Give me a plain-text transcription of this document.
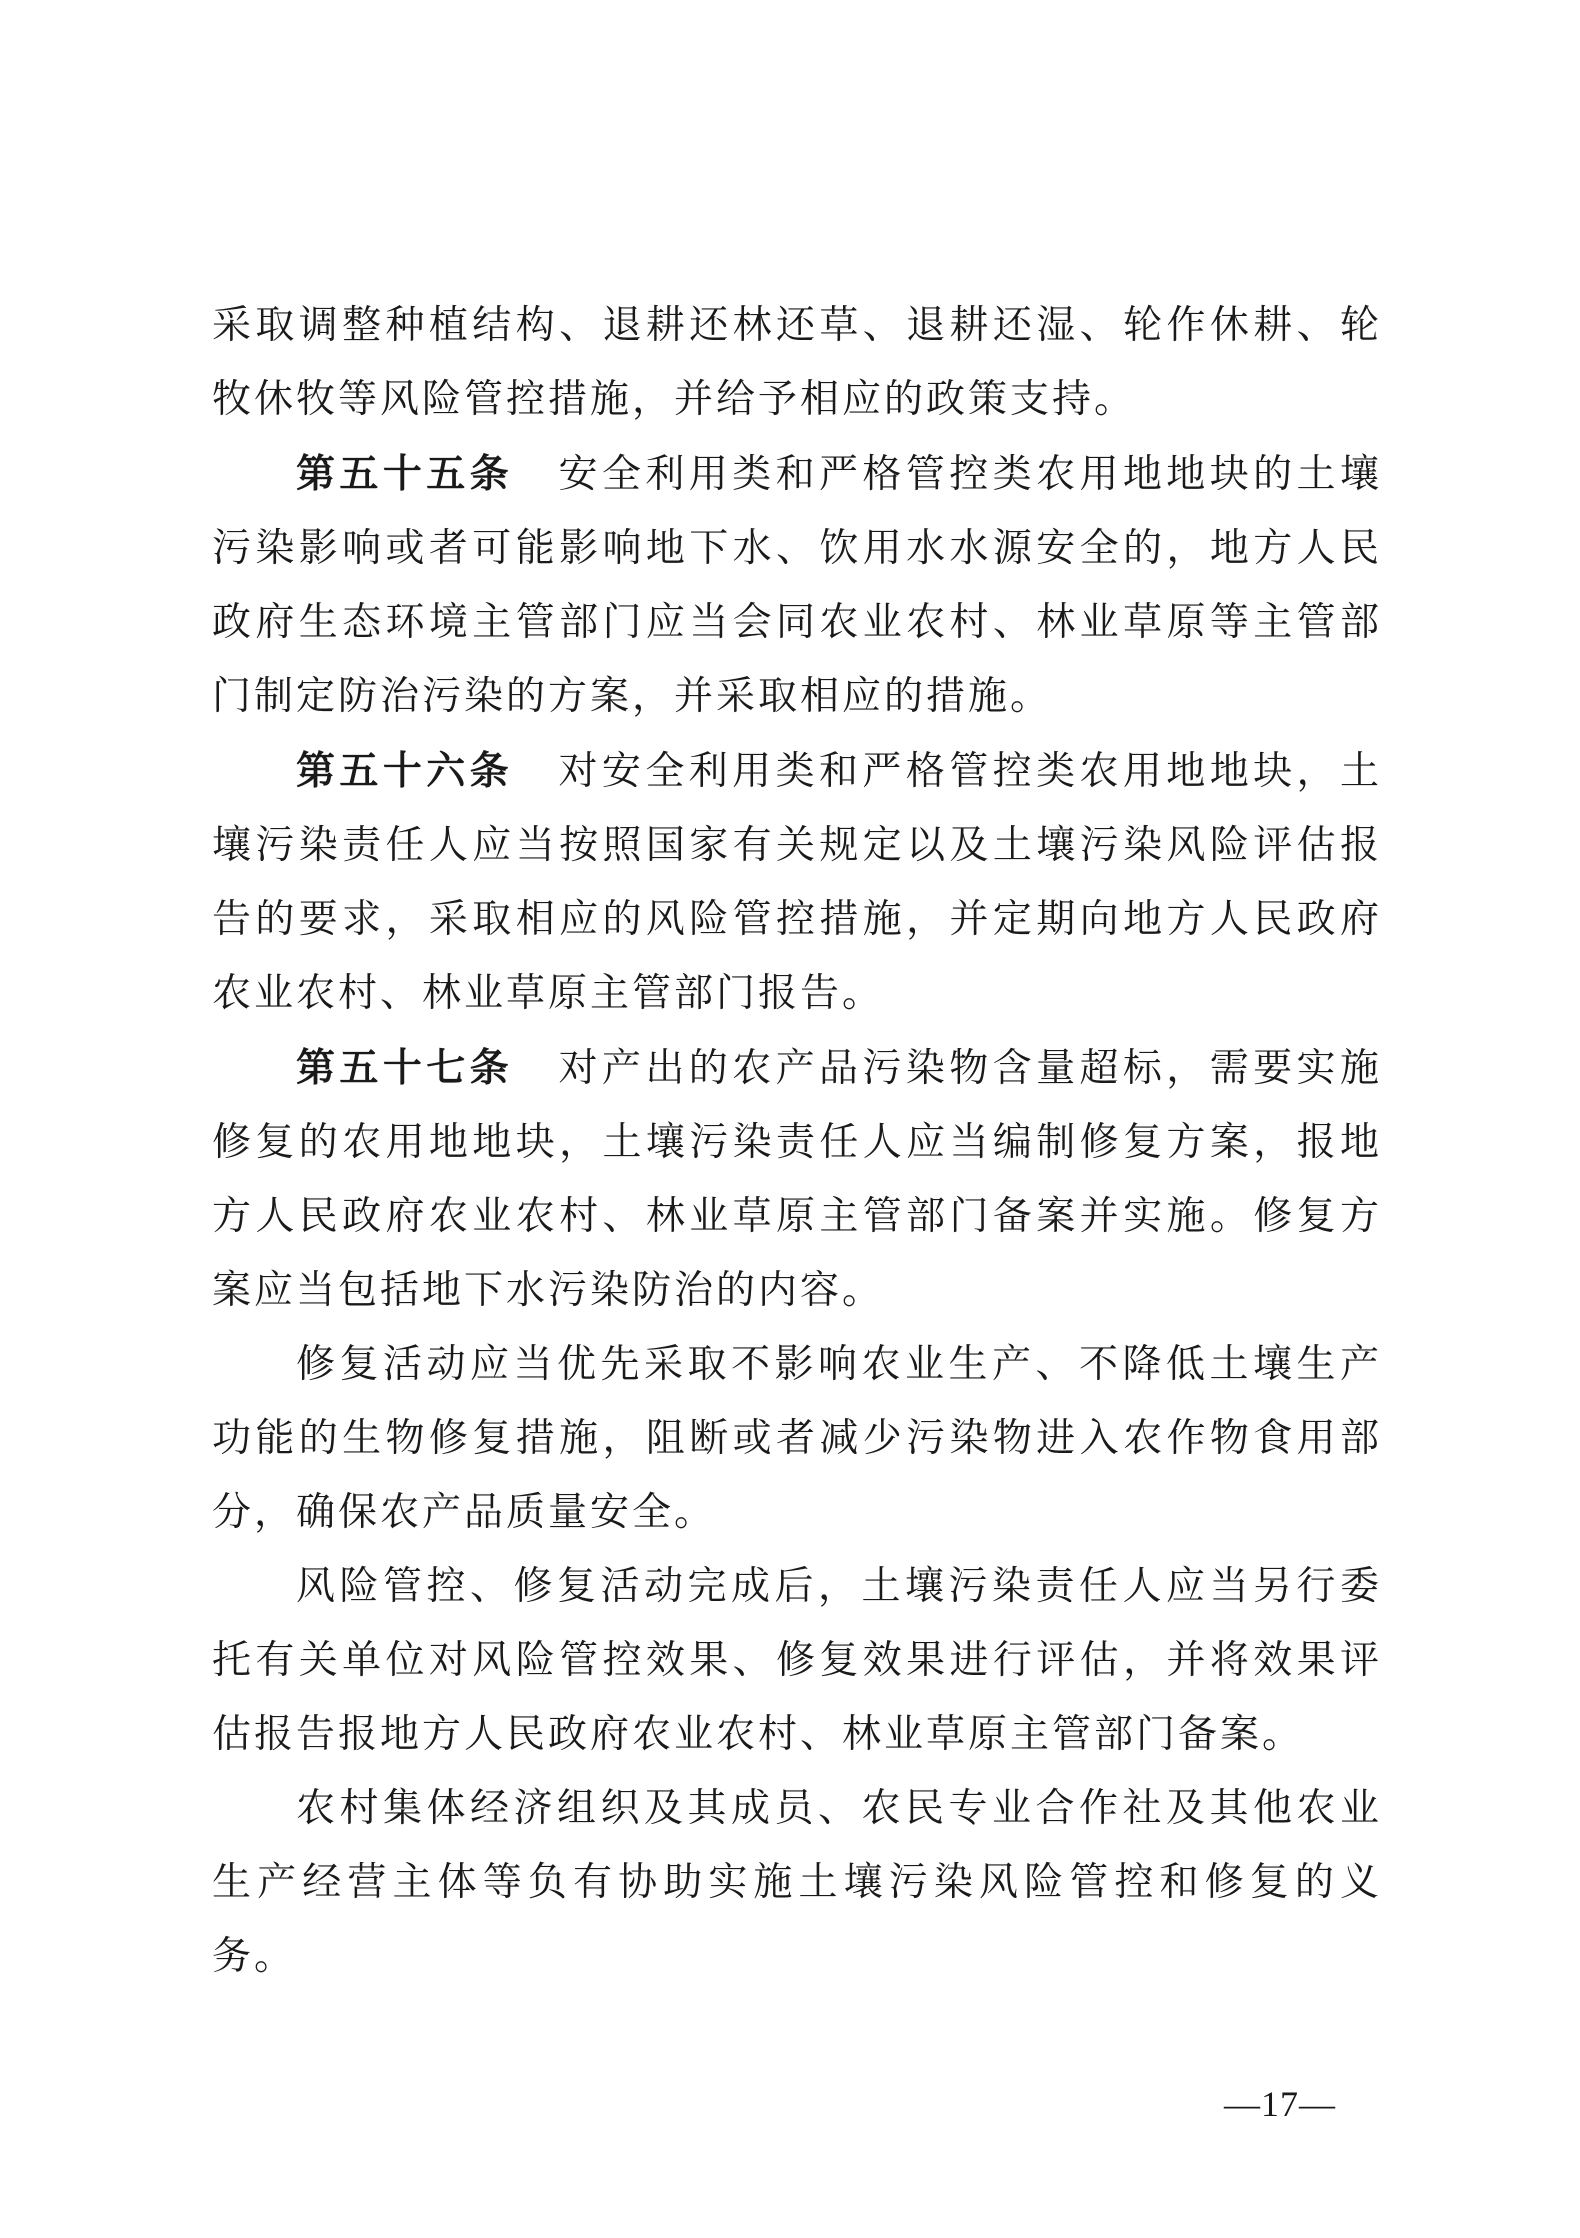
采取调整种植结构、退耕还林还草、退耕还湿、轮作休耕、轮牧休牧等风险管控措施，并给予相应的政策支持。

第五十五条 安全利用类和严格管控类农用地地块的土壤污染影响或者可能影响地下水、饮用水水源安全的，地方人民政府生态环境主管部门应当会同农业农村、林业草原等主管部门制定防治污染的方案，并采取相应的措施。

第五十六条 对安全利用类和严格管控类农用地地块，土壤污染责任人应当按照国家有关规定以及土壤污染风险评估报告的要求，采取相应的风险管控措施，并定期向地方人民政府农业农村、林业草原主管部门报告。

第五十七条 对产出的农产品污染物含量超标，需要实施修复的农用地地块，土壤污染责任人应当编制修复方案，报地方人民政府农业农村、林业草原主管部门备案并实施。修复方案应当包括地下水污染防治的内容。

修复活动应当优先采取不影响农业生产、不降低土壤生产功能的生物修复措施，阻断或者减少污染物进入农作物食用部分，确保农产品质量安全。

风险管控、修复活动完成后，土壤污染责任人应当另行委托有关单位对风险管控效果、修复效果进行评估，并将效果评估报告报地方人民政府农业农村、林业草原主管部门备案。

农村集体经济组织及其成员、农民专业合作社及其他农业生产经营主体等负有协助实施土壤污染风险管控和修复的义务。

—17—
